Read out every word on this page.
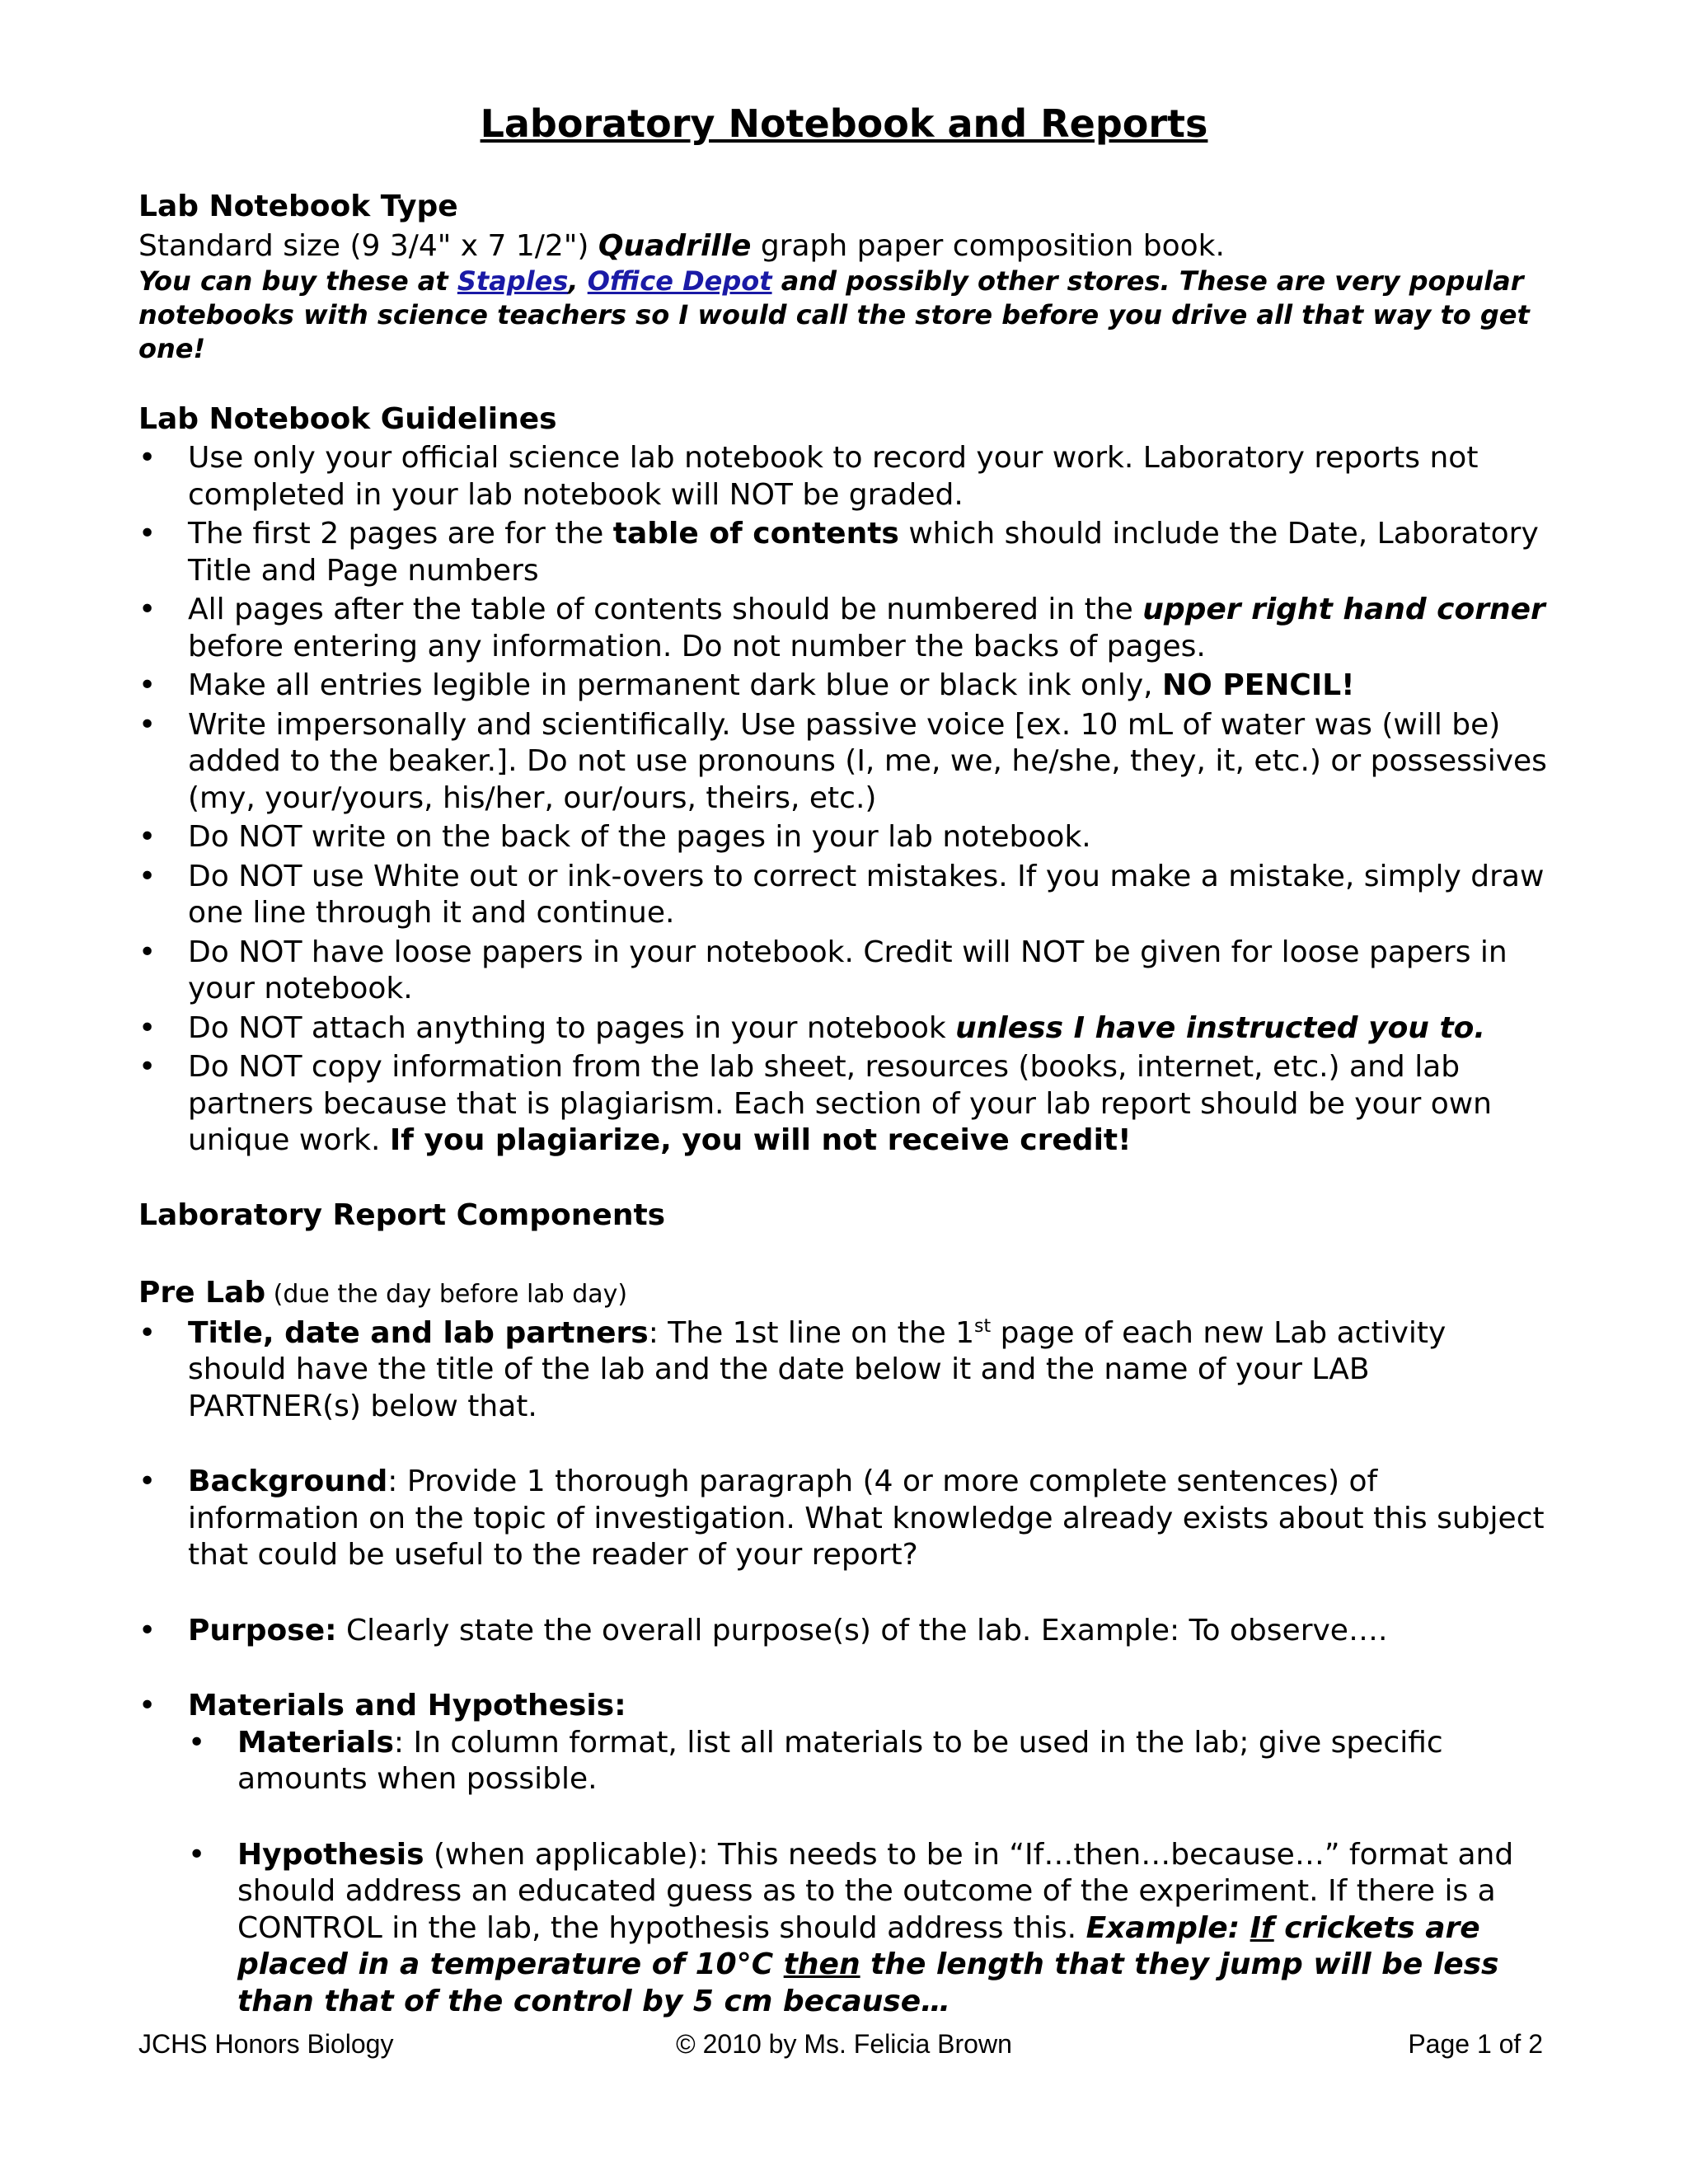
Laboratory Notebook and Reports
Lab Notebook Type

Standard size (9 3/4" x 7 1/2") Quadrille graph paper composition book.

You can buy these at Staples, Office Depot and possibly other stores. These are very popular notebooks with science teachers so I would call the store before you drive all that way to get one!

Lab Notebook Guidelines
• Use only your official science lab notebook to record your work. Laboratory reports not completed in your lab notebook will NOT be graded.
• The first 2 pages are for the table of contents which should include the Date, Laboratory Title and Page numbers
• All pages after the table of contents should be numbered in the upper right hand corner before entering any information. Do not number the backs of pages.
• Make all entries legible in permanent dark blue or black ink only, NO PENCIL!
• Write impersonally and scientifically. Use passive voice [ex. 10 mL of water was (will be) added to the beaker.]. Do not use pronouns (I, me, we, he/she, they, it, etc.) or possessives (my, your/yours, his/her, our/ours, theirs, etc.)
• Do NOT write on the back of the pages in your lab notebook.
• Do NOT use White out or ink-overs to correct mistakes. If you make a mistake, simply draw one line through it and continue.
• Do NOT have loose papers in your notebook. Credit will NOT be given for loose papers in your notebook.
• Do NOT attach anything to pages in your notebook unless I have instructed you to.
• Do NOT copy information from the lab sheet, resources (books, internet, etc.) and lab partners because that is plagiarism. Each section of your lab report should be your own unique work. If you plagiarize, you will not receive credit!
Laboratory Report Components
Pre Lab (due the day before lab day)
• Title, date and lab partners: The 1st line on the 1st page of each new Lab activity should have the title of the lab and the date below it and the name of your LAB PARTNER(s) below that.
• Background: Provide 1 thorough paragraph (4 or more complete sentences) of information on the topic of investigation. What knowledge already exists about this subject that could be useful to the reader of your report?
• Purpose: Clearly state the overall purpose(s) of the lab. Example: To observe….
• Materials and Hypothesis:
• Materials: In column format, list all materials to be used in the lab; give specific amounts when possible.
• Hypothesis (when applicable): This needs to be in “If…then…because…” format and should address an educated guess as to the outcome of the experiment. If there is a CONTROL in the lab, the hypothesis should address this. Example: If crickets are placed in a temperature of 10°C then the length that they jump will be less than that of the control by 5 cm because…
JCHS Honors Biology	© 2010 by Ms. Felicia Brown	Page 1 of 2
